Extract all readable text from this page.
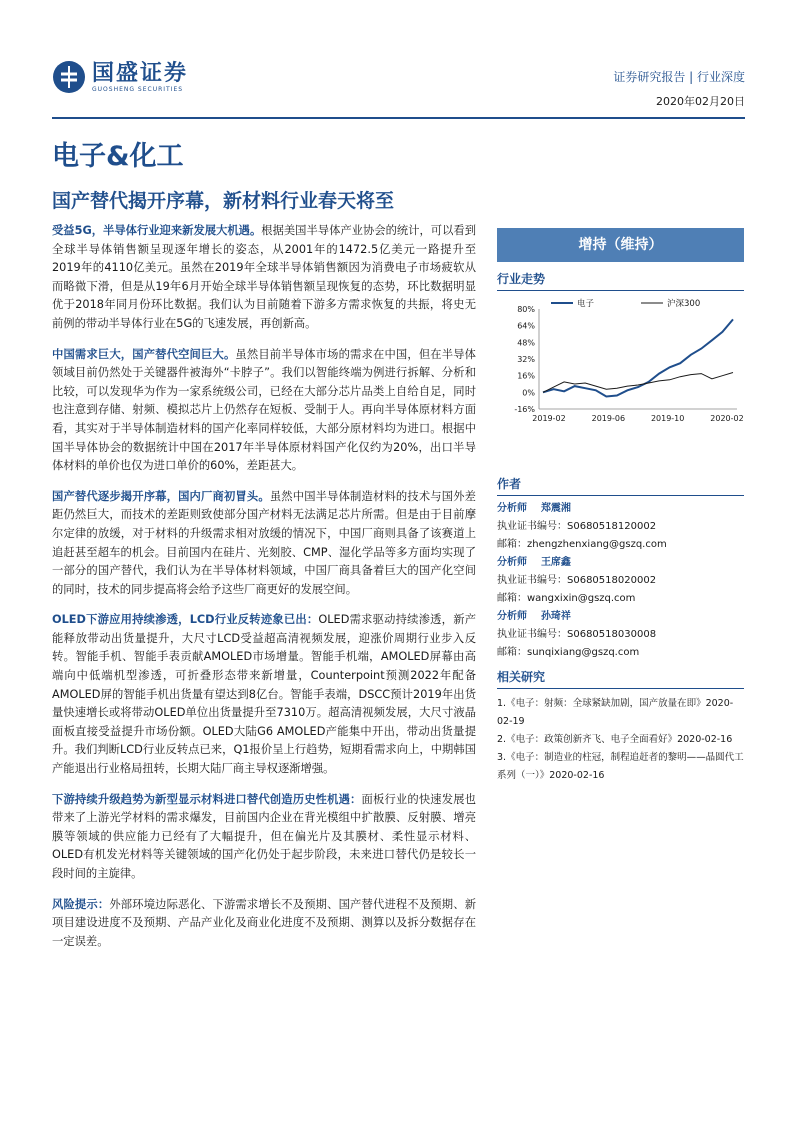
国盛证券
GUOSHENG SECURITIES
证券研究报告 | 行业深度
2020年02月20日
电子&化工
国产替代揭开序幕，新材料行业春天将至

受益5G，半导体行业迎来新发展大机遇。根据美国半导体产业协会的统计，可以看到全球半导体销售额呈现逐年增长的姿态，从2001年的1472.5亿美元一路提升至2019年的4110亿美元。虽然在2019年全球半导体销售额因为消费电子市场疲软从而略微下滑，但是从19年6月开始全球半导体销售额呈现恢复的态势，环比数据明显优于2018年同月份环比数据。我们认为目前随着下游多方需求恢复的共振，将史无前例的带动半导体行业在5G的飞速发展，再创新高。

中国需求巨大，国产替代空间巨大。虽然目前半导体市场的需求在中国，但在半导体领域目前仍然处于关键器件被海外“卡脖子”。我们以智能终端为例进行拆解、分析和比较，可以发现华为作为一家系统级公司，已经在大部分芯片品类上自给自足，同时也注意到存储、射频、模拟芯片上仍然存在短板、受制于人。再向半导体原材料方面看，其实对于半导体制造材料的国产化率同样较低，大部分原材料均为进口。根据中国半导体协会的数据统计中国在2017年半导体原材料国产化仅约为20%，出口半导体材料的单价也仅为进口单价的60%，差距甚大。

国产替代逐步揭开序幕，国内厂商初冒头。虽然中国半导体制造材料的技术与国外差距仍然巨大，而技术的差距则致使部分国产材料无法满足芯片所需。但是由于目前摩尔定律的放缓，对于材料的升级需求相对放缓的情况下，中国厂商则具备了该赛道上追赶甚至超车的机会。目前国内在硅片、光刻胶、CMP、湿化学品等多方面均实现了一部分的国产替代，我们认为在半导体材料领域，中国厂商具备着巨大的国产化空间的同时，技术的同步提高将会给予这些厂商更好的发展空间。

OLED下游应用持续渗透，LCD行业反转迹象已出：OLED需求驱动持续渗透，新产能释放带动出货量提升，大尺寸LCD受益超高清视频发展，迎涨价周期行业步入反转。智能手机、智能手表贡献AMOLED市场增量。智能手机端，AMOLED屏幕由高端向中低端机型渗透，可折叠形态带来新增量，Counterpoint预测2022年配备AMOLED屏的智能手机出货量有望达到8亿台。智能手表端，DSCC预计2019年出货量快速增长或将带动OLED单位出货量提升至7310万。超高清视频发展，大尺寸液晶面板直接受益提升市场份额。OLED大陆G6 AMOLED产能集中开出，带动出货量提升。我们判断LCD行业反转点已来，Q1报价呈上行趋势，短期看需求向上，中期韩国产能退出行业格局扭转，长期大陆厂商主导权逐渐增强。

下游持续升级趋势为新型显示材料进口替代创造历史性机遇：面板行业的快速发展也带来了上游光学材料的需求爆发，目前国内企业在背光模组中扩散膜、反射膜、增亮膜等领域的供应能力已经有了大幅提升，但在偏光片及其膜材、柔性显示材料、OLED有机发光材料等关键领域的国产化仍处于起步阶段，未来进口替代仍是较长一段时间的主旋律。

风险提示：外部环境边际恶化、下游需求增长不及预期、国产替代进程不及预期、新项目建设进度不及预期、产品产业化及商业化进度不及预期、测算以及拆分数据存在一定误差。

增持（维持）
行业走势
80%
64%
48%
32%
16%
0%
-16%
2019-02	2019-06	2019-10	2020-02
电子	沪深300
作者
分析师 郑震湘
执业证书编号：S0680518120002
邮箱：zhengzhenxiang@gszq.com
分析师 王席鑫
执业证书编号：S0680518020002
邮箱：wangxixin@gszq.com
分析师 孙琦祥
执业证书编号：S0680518030008
邮箱：sunqixiang@gszq.com
相关研究
1.《电子：射频：全球紧缺加剧，国产放量在即》2020-02-19
2.《电子：政策创新齐飞、电子全面看好》2020-02-16
3.《电子：制造业的柱冠，制程追赶者的黎明——晶圆代工系列（一）》2020-02-16
